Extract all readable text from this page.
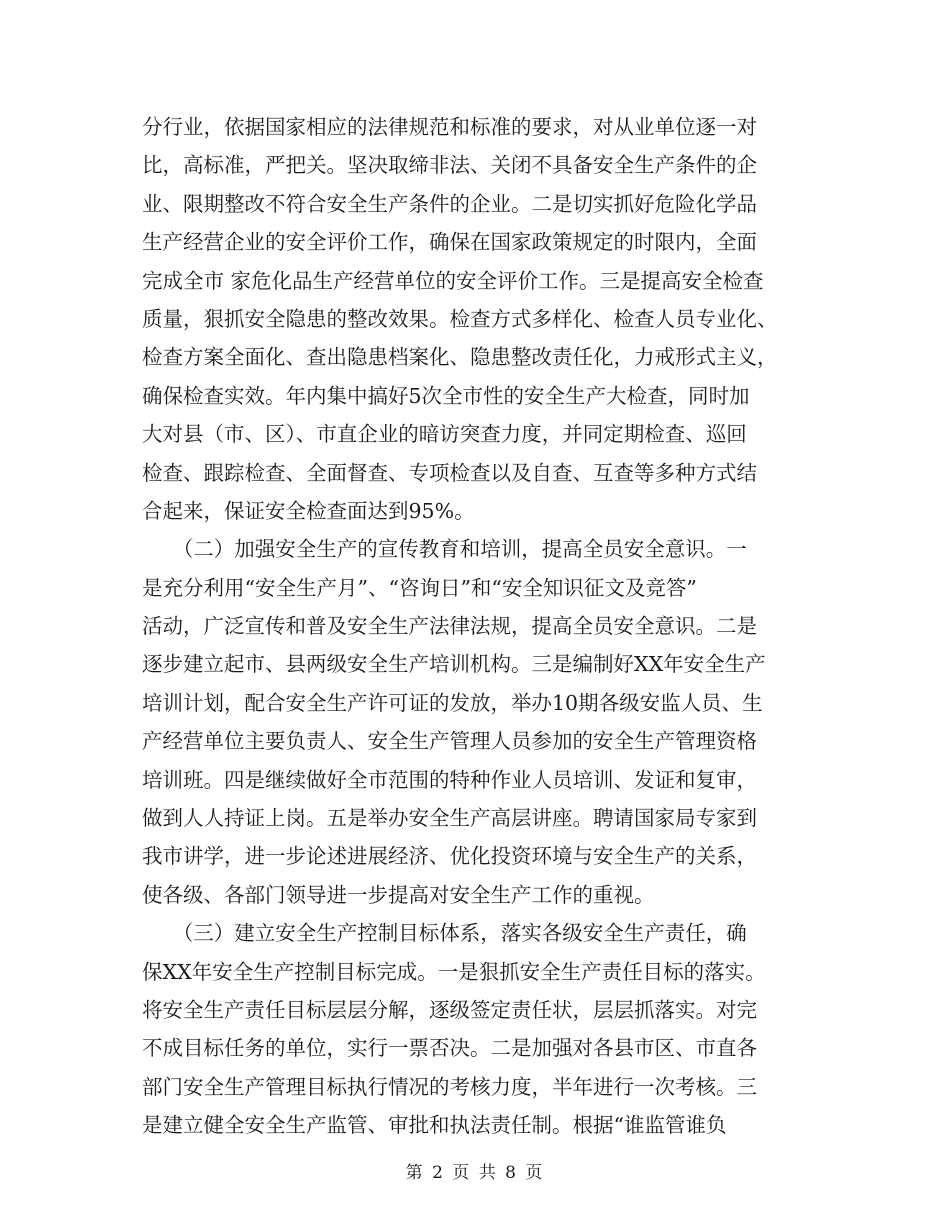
分行业，依据国家相应的法律规范和标准的要求，对从业单位逐一对
比，高标准，严把关。坚决取缔非法、关闭不具备安全生产条件的企
业、限期整改不符合安全生产条件的企业。二是切实抓好危险化学品
生产经营企业的安全评价工作，确保在国家政策规定的时限内，全面
完成全市 家危化品生产经营单位的安全评价工作。三是提高安全检查
质量，狠抓安全隐患的整改效果。检查方式多样化、检查人员专业化、
检查方案全面化、查出隐患档案化、隐患整改责任化，力戒形式主义，
确保检查实效。年内集中搞好5次全市性的安全生产大检查，同时加
大对县（市、区）、市直企业的暗访突查力度，并同定期检查、巡回
检查、跟踪检查、全面督查、专项检查以及自查、互查等多种方式结
合起来，保证安全检查面达到95%。
　　（二）加强安全生产的宣传教育和培训，提高全员安全意识。一
是充分利用“安全生产月”、“咨询日”和“安全知识征文及竞答”
活动，广泛宣传和普及安全生产法律法规，提高全员安全意识。二是
逐步建立起市、县两级安全生产培训机构。三是编制好XX年安全生产
培训计划，配合安全生产许可证的发放，举办10期各级安监人员、生
产经营单位主要负责人、安全生产管理人员参加的安全生产管理资格
培训班。四是继续做好全市范围的特种作业人员培训、发证和复审，
做到人人持证上岗。五是举办安全生产高层讲座。聘请国家局专家到
我市讲学，进一步论述进展经济、优化投资环境与安全生产的关系，
使各级、各部门领导进一步提高对安全生产工作的重视。
　　（三）建立安全生产控制目标体系，落实各级安全生产责任，确
保XX年安全生产控制目标完成。一是狠抓安全生产责任目标的落实。
将安全生产责任目标层层分解，逐级签定责任状，层层抓落实。对完
不成目标任务的单位，实行一票否决。二是加强对各县市区、市直各
部门安全生产管理目标执行情况的考核力度，半年进行一次考核。三
是建立健全安全生产监管、审批和执法责任制。根据“谁监管谁负
第 2 页 共 8 页
